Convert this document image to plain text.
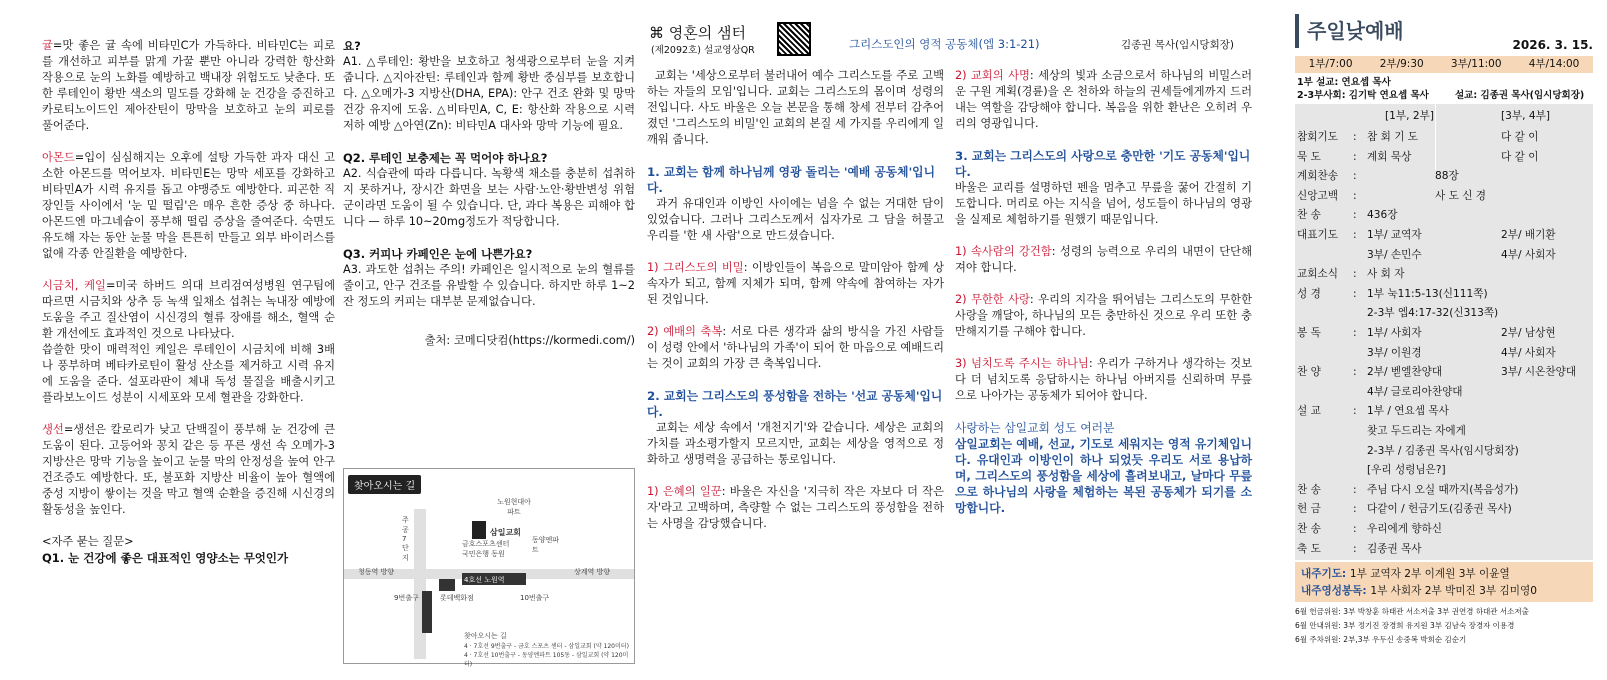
귤=맛 좋은 귤 속에 비타민C가 가득하다. 비타민C는 피로를 개선하고 피부를 맑게 가꿀 뿐만 아니라 강력한 항산화 작용으로 눈의 노화를 예방하고 백내장 위험도도 낮춘다. 또한 루테인이 황반 색소의 밀도를 강화해 눈 건강을 증진하고 카로티노이드인 제아잔틴이 망막을 보호하고 눈의 피로를 풀어준다.
아몬드=입이 심심해지는 오후에 설탕 가득한 과자 대신 고소한 아몬드를 먹어보자. 비타민E는 망막 세포를 강화하고 비타민A가 시력 유지를 돕고 야맹증도 예방한다. 피곤한 직장인들 사이에서 '눈 밑 떨림'은 매우 흔한 증상 중 하나다. 아몬드엔 마그네슘이 풍부해 떨림 증상을 줄여준다. 숙면도 유도해 자는 동안 눈물 막을 튼튼히 만들고 외부 바이러스를 없애 각종 안질환을 예방한다.
시금치, 케일=미국 하버드 의대 브리검여성병원 연구팀에 따르면 시금치와 상추 등 녹색 잎채소 섭취는 녹내장 예방에 도움을 주고 질산염이 시신경의 혈류 장애를 해소, 혈액 순환 개선에도 효과적인 것으로 나타났다.
씁쓸한 맛이 매력적인 케일은 루테인이 시금치에 비해 3배나 풍부하며 베타카로틴이 활성 산소를 제거하고 시력 유지에 도움을 준다. 설포라판이 체내 독성 물질을 배출시키고 플라보노이드 성분이 시세포와 모세 혈관을 강화한다.
생선=생선은 칼로리가 낮고 단백질이 풍부해 눈 건강에 큰 도움이 된다. 고등어와 꽁치 같은 등 푸른 생선 속 오메가-3 지방산은 망막 기능을 높이고 눈물 막의 안정성을 높여 안구 건조증도 예방한다. 또, 불포화 지방산 비율이 높아 혈액에 중성 지방이 쌓이는 것을 막고 혈액 순환을 증진해 시신경의 활동성을 높인다.
<자주 묻는 질문>
Q1. 눈 건강에 좋은 대표적인 영양소는 무엇인가
요?
A1. △루테인: 황반을 보호하고 청색광으로부터 눈을 지켜줍니다. △지아잔틴: 루테인과 함께 황반 중심부를 보호합니다. △오메가-3 지방산(DHA, EPA): 안구 건조 완화 및 망막 건강 유지에 도움. △비타민A, C, E: 항산화 작용으로 시력 저하 예방 △아연(Zn): 비타민A 대사와 망막 기능에 필요.
Q2. 루테인 보충제는 꼭 먹어야 하나요?
A2. 식습관에 따라 다릅니다. 녹황색 채소를 충분히 섭취하지 못하거나, 장시간 화면을 보는 사람·노안·황반변성 위험군이라면 도움이 될 수 있습니다. 단, 과다 복용은 피해야 합니다 — 하루 10~20mg정도가 적당합니다.
Q3. 커피나 카페인은 눈에 나쁜가요?
A3. 과도한 섭취는 주의! 카페인은 일시적으로 눈의 혈류를 줄이고, 안구 건조를 유발할 수 있습니다. 하지만 하루 1~2잔 정도의 커피는 대부분 문제없습니다.
출처: 코메디닷컴(https://kormedi.com/)
찾아오시는 길
4호선 노원역
삼일교회
노원현대아파트
동양엔파트
주공7단지
9번출구	10번출구
청동역 방향	상계역 방향
롯데백화점
금호스포츠센터 국민은행 동원
찾아오시는 길
4 · 7호선 9번출구 - 금호 스포츠 센터 - 삼일교회 (약 120미터)
4 · 7호선 10번출구 - 동양엔파트 105동 - 삼일교회 (약 120미터)
⌘ 영혼의 샘터
(제2092호) 설교영상QR	그리스도인의 영적 공동체(엡 3:1-21)	김종권 목사(임시당회장)
교회는 '세상으로부터 불러내어 예수 그리스도를 주로 고백하는 자들의 모임'입니다. 교회는 그리스도의 몸이며 성령의 전입니다. 사도 바울은 오늘 본문을 통해 창세 전부터 감추어졌던 '그리스도의 비밀'인 교회의 본질 세 가지를 우리에게 일깨워 줍니다.
1. 교회는 함께 하나님께 영광 돌리는 '예배 공동체'입니다.
과거 유대인과 이방인 사이에는 넘을 수 없는 거대한 담이 있었습니다. 그러나 그리스도께서 십자가로 그 담을 허물고 우리를 '한 새 사람'으로 만드셨습니다.
1) 그리스도의 비밀: 이방인들이 복음으로 말미암아 함께 상속자가 되고, 함께 지체가 되며, 함께 약속에 참여하는 자가 된 것입니다.
2) 예배의 축복: 서로 다른 생각과 삶의 방식을 가진 사람들이 성령 안에서 '하나님의 가족'이 되어 한 마음으로 예배드리는 것이 교회의 가장 큰 축복입니다.
2. 교회는 그리스도의 풍성함을 전하는 '선교 공동체'입니다.
교회는 세상 속에서 '개천지기'와 같습니다. 세상은 교회의 가치를 과소평가할지 모르지만, 교회는 세상을 영적으로 정화하고 생명력을 공급하는 통로입니다.
1) 은혜의 일꾼: 바울은 자신을 '지극히 작은 자보다 더 작은 자'라고 고백하며, 측량할 수 없는 그리스도의 풍성함을 전하는 사명을 감당했습니다.
2) 교회의 사명: 세상의 빛과 소금으로서 하나님의 비밀스러운 구원 계획(경륜)을 온 천하와 하늘의 권세들에게까지 드러내는 역할을 감당해야 합니다. 복음을 위한 환난은 오히려 우리의 영광입니다.
3. 교회는 그리스도의 사랑으로 충만한 '기도 공동체'입니다.
바울은 교리를 설명하던 펜을 멈추고 무릎을 꿇어 간절히 기도합니다. 머리로 아는 지식을 넘어, 성도들이 하나님의 영광을 실제로 체험하기를 원했기 때문입니다.
1) 속사람의 강건함: 성령의 능력으로 우리의 내면이 단단해져야 합니다.
2) 무한한 사랑: 우리의 지각을 뛰어넘는 그리스도의 무한한 사랑을 깨달아, 하나님의 모든 충만하신 것으로 우리 또한 충만해지기를 구해야 합니다.
3) 넘치도록 주시는 하나님: 우리가 구하거나 생각하는 것보다 더 넘치도록 응답하시는 하나님 아버지를 신뢰하며 무릎으로 나아가는 공동체가 되어야 합니다.
사랑하는 삼일교회 성도 여러분
삼일교회는 예배, 선교, 기도로 세워지는 영적 유기체입니다. 유대인과 이방인이 하나 되었듯 우리도 서로 용납하며, 그리스도의 풍성함을 세상에 흘려보내고, 날마다 무릎으로 하나님의 사랑을 체험하는 복된 공동체가 되기를 소망합니다.
주일낮예배
2026. 3. 15.
1부/7:00	2부/9:30	3부/11:00	4부/14:00
1부 설교: 연요셉 목사
2-3부사회: 김기탁 연요셉 목사	설교: 김종권 목사(임시당회장)
[1부, 2부]	[3부, 4부]
참회기도 : 참 회 기 도	다 같 이
묵 도	: 계회 묵상	다 같 이
계회찬송 :	88장
신앙고백 :	사 도 신 경
찬 송	: 436장
대표기도 : 1부/ 교역자	2부/ 배기환
3부/ 손민수	4부/ 사회자
교회소식 : 사 회 자
성 경	: 1부 눅11:5-13(신111쪽)
2-3부 엡4:17-32(신313쪽)
봉 독	: 1부/ 사회자	2부/ 남상현
3부/ 이원경	4부/ 사회자
찬 양	: 2부/ 벧엘찬양대	3부/ 시온찬양대
4부/ 글로리아찬양대
설 교	: 1부 / 연요셉 목사
찾고 두드리는 자에게
2-3부 / 김종권 목사(임시당회장)
[우리 성령님은?]
찬 송	: 주님 다시 오실 때까지(복음성가)
헌 금	: 다같이 / 헌금기도(김종권 목사)
찬 송	: 우리에게 향하신
축 도	: 김종권 목사
내주기도: 1부 교역자 2부 이계원 3부 이윤열
내주영성봉독: 1부 사회자 2부 박미진 3부 김미영0
6월 헌금위원: 3부 박창훈 하태관 서소저출 3부 권연경 하대관 서소저출
6월 안내위원: 3부 정기진 장경희 유지원 3부 김남숙 장경자 이용경
6월 주차위원: 2부,3부 우두신 송중복 박희순 김순기
